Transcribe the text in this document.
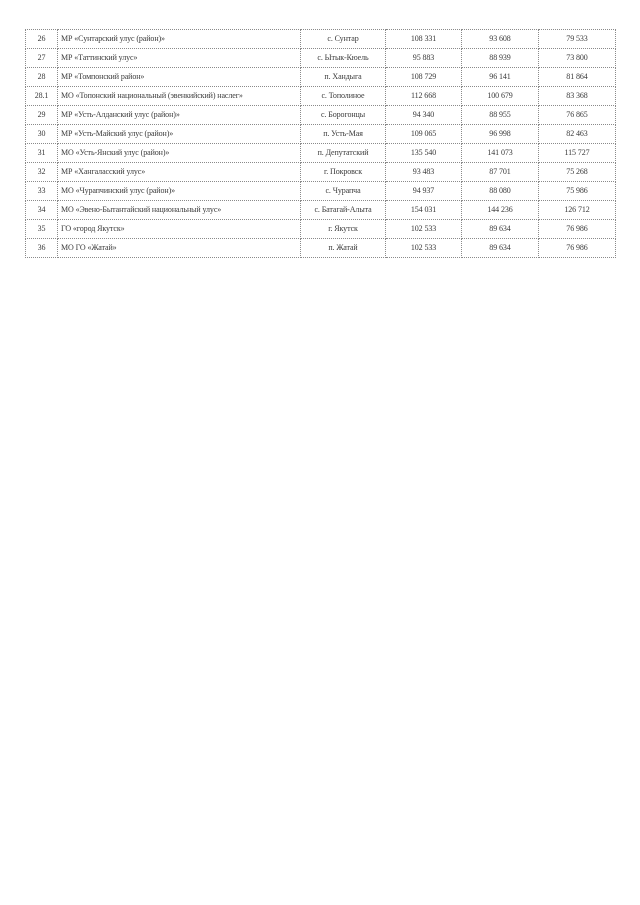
26	МР «Сунтарский улус (район)»	с. Сунтар	108 331	93 608	79 533
27	МР «Таттинский улус»	с. Ытык-Кюель	95 883	88 939	73 800
28	МР «Томпонский район»	п. Хандыга	108 729	96 141	81 864
28.1	МО «Топонский национальный (эвенкийский) наслег»	с. Тополиное	112 668	100 679	83 368
29	МР «Усть-Алданский улус (район)»	с. Борогонцы	94 340	88 955	76 865
30	МР «Усть-Майский улус (район)»	п. Усть-Мая	109 065	96 998	82 463
31	МО «Усть-Янский улус (район)»	п. Депутатский	135 540	141 073	115 727
32	МР «Хангаласский улус»	г. Покровск	93 483	87 701	75 268
33	МО «Чурапчинский улус (район)»	с. Чурапча	94 937	88 080	75 986
34	МО «Эвено-Бытантайский национальный улус»	с. Батагай-Алыта	154 031	144 236	126 712
35	ГО «город Якутск»	г. Якутск	102 533	89 634	76 986
36	МО ГО «Жатай»	п. Жатай	102 533	89 634	76 986
